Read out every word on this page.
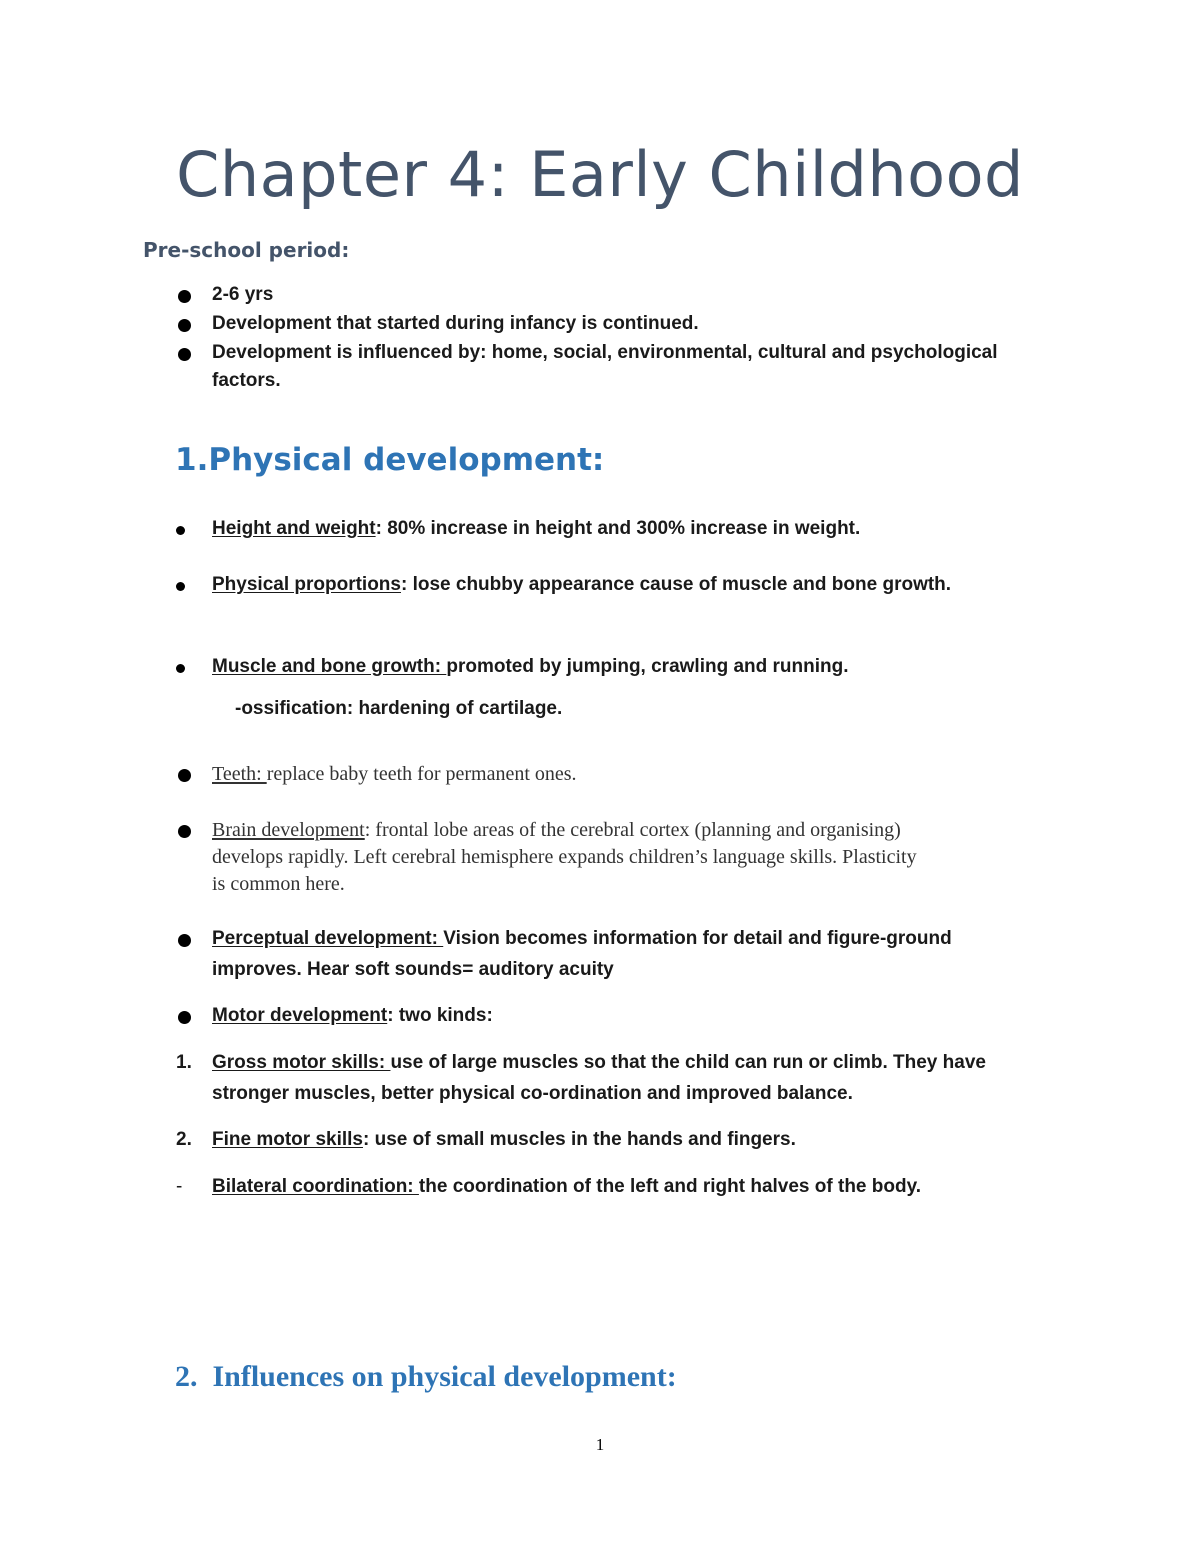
Chapter 4: Early Childhood
Pre-school period:
2-6 yrs
Development that started during infancy is continued.
Development is influenced by: home, social, environmental, cultural and psychological
factors.
1.Physical development:
Height and weight: 80% increase in height and 300% increase in weight.
Physical proportions: lose chubby appearance cause of muscle and bone growth.
Muscle and bone growth: promoted by jumping, crawling and running.
-ossification: hardening of cartilage.
Teeth: replace baby teeth for permanent ones.
Brain development: frontal lobe areas of the cerebral cortex (planning and organising)
develops rapidly. Left cerebral hemisphere expands children’s language skills. Plasticity
is common here.
Perceptual development: Vision becomes information for detail and figure-ground
improves. Hear soft sounds= auditory acuity
Motor development: two kinds:
1. Gross motor skills: use of large muscles so that the child can run or climb. They have
stronger muscles, better physical co-ordination and improved balance.
2. Fine motor skills: use of small muscles in the hands and fingers.
- Bilateral coordination: the coordination of the left and right halves of the body.
2.  Influences on physical development:
1
